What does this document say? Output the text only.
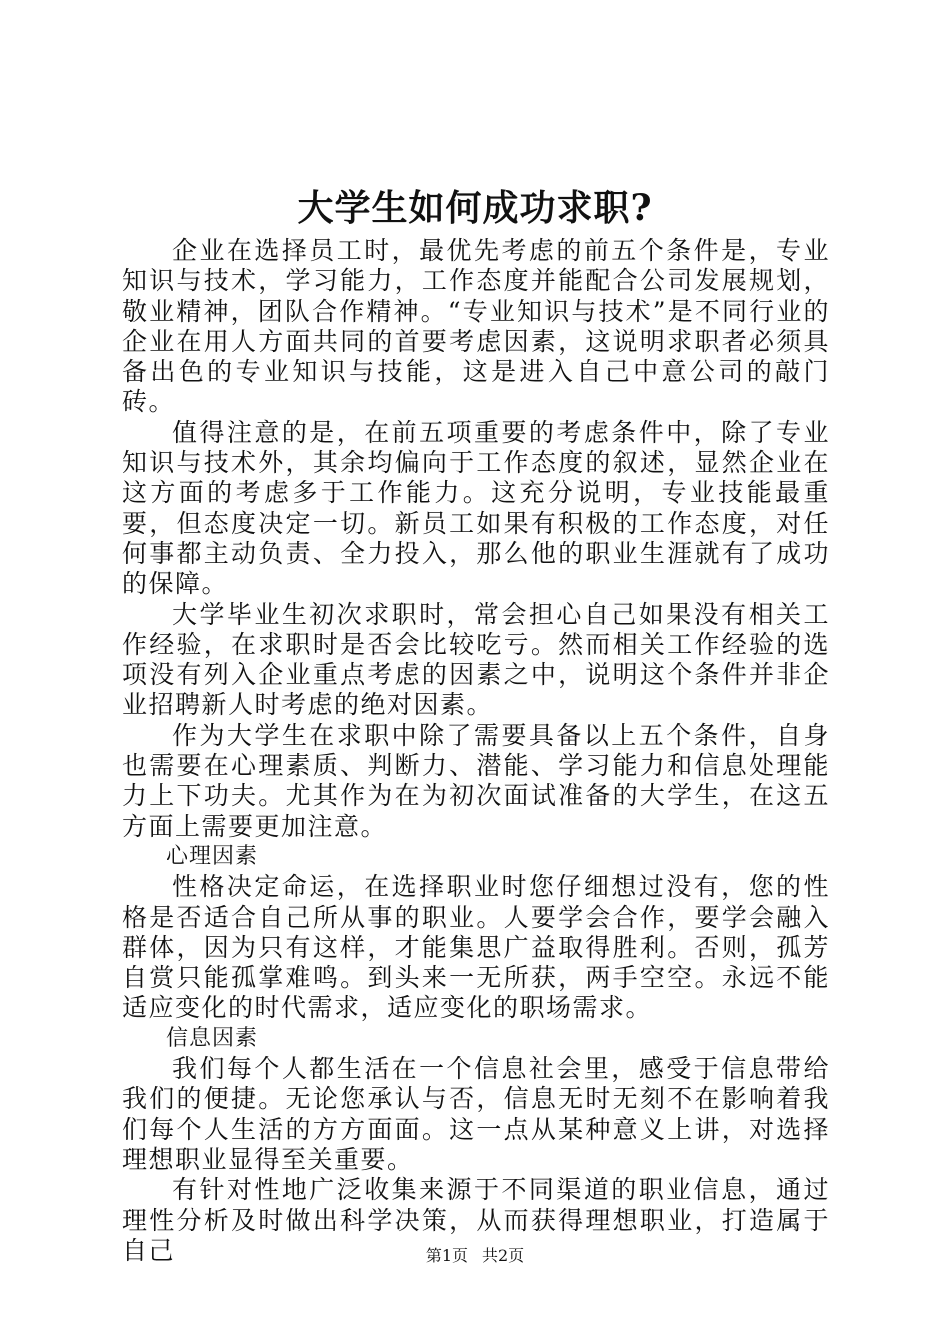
大学生如何成功求职?

企业在选择员工时，最优先考虑的前五个条件是，专业知识与技术，学习能力，工作态度并能配合公司发展规划，敬业精神，团队合作精神。“专业知识与技术”是不同行业的企业在用人方面共同的首要考虑因素，这说明求职者必须具备出色的专业知识与技能，这是进入自己中意公司的敲门砖。

值得注意的是，在前五项重要的考虑条件中，除了专业知识与技术外，其余均偏向于工作态度的叙述，显然企业在这方面的考虑多于工作能力。这充分说明，专业技能最重要，但态度决定一切。新员工如果有积极的工作态度，对任何事都主动负责、全力投入，那么他的职业生涯就有了成功的保障。

大学毕业生初次求职时，常会担心自己如果没有相关工作经验，在求职时是否会比较吃亏。然而相关工作经验的选项没有列入企业重点考虑的因素之中，说明这个条件并非企业招聘新人时考虑的绝对因素。

作为大学生在求职中除了需要具备以上五个条件，自身也需要在心理素质、判断力、潜能、学习能力和信息处理能力上下功夫。尤其作为在为初次面试准备的大学生，在这五方面上需要更加注意。

心理因素

性格决定命运，在选择职业时您仔细想过没有，您的性格是否适合自己所从事的职业。人要学会合作，要学会融入群体，因为只有这样，才能集思广益取得胜利。否则，孤芳自赏只能孤掌难鸣。到头来一无所获，两手空空。永远不能适应变化的时代需求，适应变化的职场需求。

信息因素

我们每个人都生活在一个信息社会里，感受于信息带给我们的便捷。无论您承认与否，信息无时无刻不在影响着我们每个人生活的方方面面。这一点从某种意义上讲，对选择理想职业显得至关重要。

有针对性地广泛收集来源于不同渠道的职业信息，通过理性分析及时做出科学决策，从而获得理想职业，打造属于自己	第1页 共2页
